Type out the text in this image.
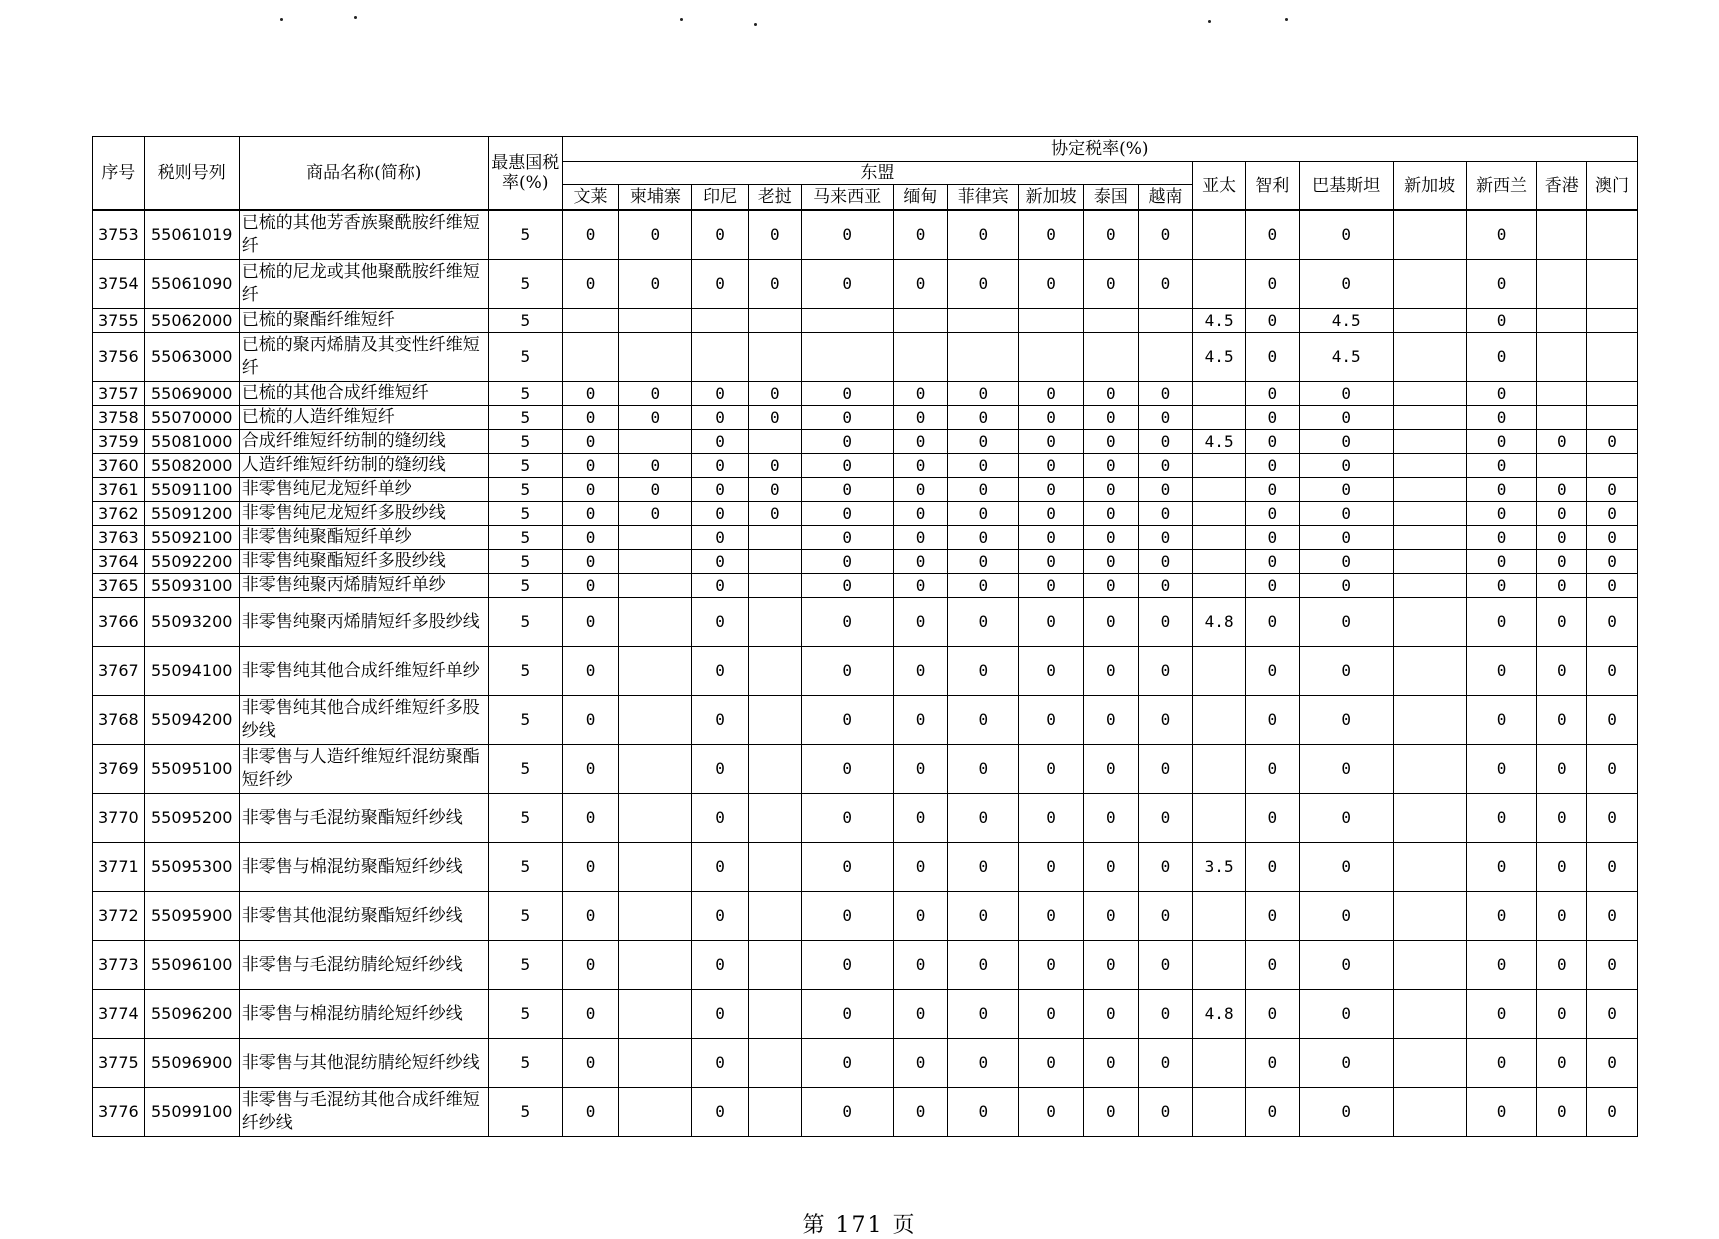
序号	税则号列	商品名称(简称)	最惠国税率(%)	协定税率(%)																
				东盟										亚太	智利	巴基斯坦	新加坡	新西兰	香港	澳门
				文莱	柬埔寨	印尼	老挝	马来西亚	缅甸	菲律宾	新加坡	泰国	越南							
3753	55061019	已梳的其他芳香族聚酰胺纤维短纤	5	0	0	0	0	0	0	0	0	0	0		0	0		0		
3754	55061090	已梳的尼龙或其他聚酰胺纤维短纤	5	0	0	0	0	0	0	0	0	0	0		0	0		0		
3755	55062000	已梳的聚酯纤维短纤	5											4.5	0	4.5		0		
3756	55063000	已梳的聚丙烯腈及其变性纤维短纤	5											4.5	0	4.5		0		
3757	55069000	已梳的其他合成纤维短纤	5	0	0	0	0	0	0	0	0	0	0		0	0		0		
3758	55070000	已梳的人造纤维短纤	5	0	0	0	0	0	0	0	0	0	0		0	0		0		
3759	55081000	合成纤维短纤纺制的缝纫线	5	0		0		0	0	0	0	0	0	4.5	0	0		0	0	0
3760	55082000	人造纤维短纤纺制的缝纫线	5	0	0	0	0	0	0	0	0	0	0		0	0		0		
3761	55091100	非零售纯尼龙短纤单纱	5	0	0	0	0	0	0	0	0	0	0		0	0		0	0	0
3762	55091200	非零售纯尼龙短纤多股纱线	5	0	0	0	0	0	0	0	0	0	0		0	0		0	0	0
3763	55092100	非零售纯聚酯短纤单纱	5	0		0		0	0	0	0	0	0		0	0		0	0	0
3764	55092200	非零售纯聚酯短纤多股纱线	5	0		0		0	0	0	0	0	0		0	0		0	0	0
3765	55093100	非零售纯聚丙烯腈短纤单纱	5	0		0		0	0	0	0	0	0		0	0		0	0	0
3766	55093200	非零售纯聚丙烯腈短纤多股纱线	5	0		0		0	0	0	0	0	0	4.8	0	0		0	0	0
3767	55094100	非零售纯其他合成纤维短纤单纱	5	0		0		0	0	0	0	0	0		0	0		0	0	0
3768	55094200	非零售纯其他合成纤维短纤多股纱线	5	0		0		0	0	0	0	0	0		0	0		0	0	0
3769	55095100	非零售与人造纤维短纤混纺聚酯短纤纱	5	0		0		0	0	0	0	0	0		0	0		0	0	0
3770	55095200	非零售与毛混纺聚酯短纤纱线	5	0		0		0	0	0	0	0	0		0	0		0	0	0
3771	55095300	非零售与棉混纺聚酯短纤纱线	5	0		0		0	0	0	0	0	0	3.5	0	0		0	0	0
3772	55095900	非零售其他混纺聚酯短纤纱线	5	0		0		0	0	0	0	0	0		0	0		0	0	0
3773	55096100	非零售与毛混纺腈纶短纤纱线	5	0		0		0	0	0	0	0	0		0	0		0	0	0
3774	55096200	非零售与棉混纺腈纶短纤纱线	5	0		0		0	0	0	0	0	0	4.8	0	0		0	0	0
3775	55096900	非零售与其他混纺腈纶短纤纱线	5	0		0		0	0	0	0	0	0		0	0		0	0	0
3776	55099100	非零售与毛混纺其他合成纤维短纤纱线	5	0		0		0	0	0	0	0	0		0	0		0	0	0
第 171 页
